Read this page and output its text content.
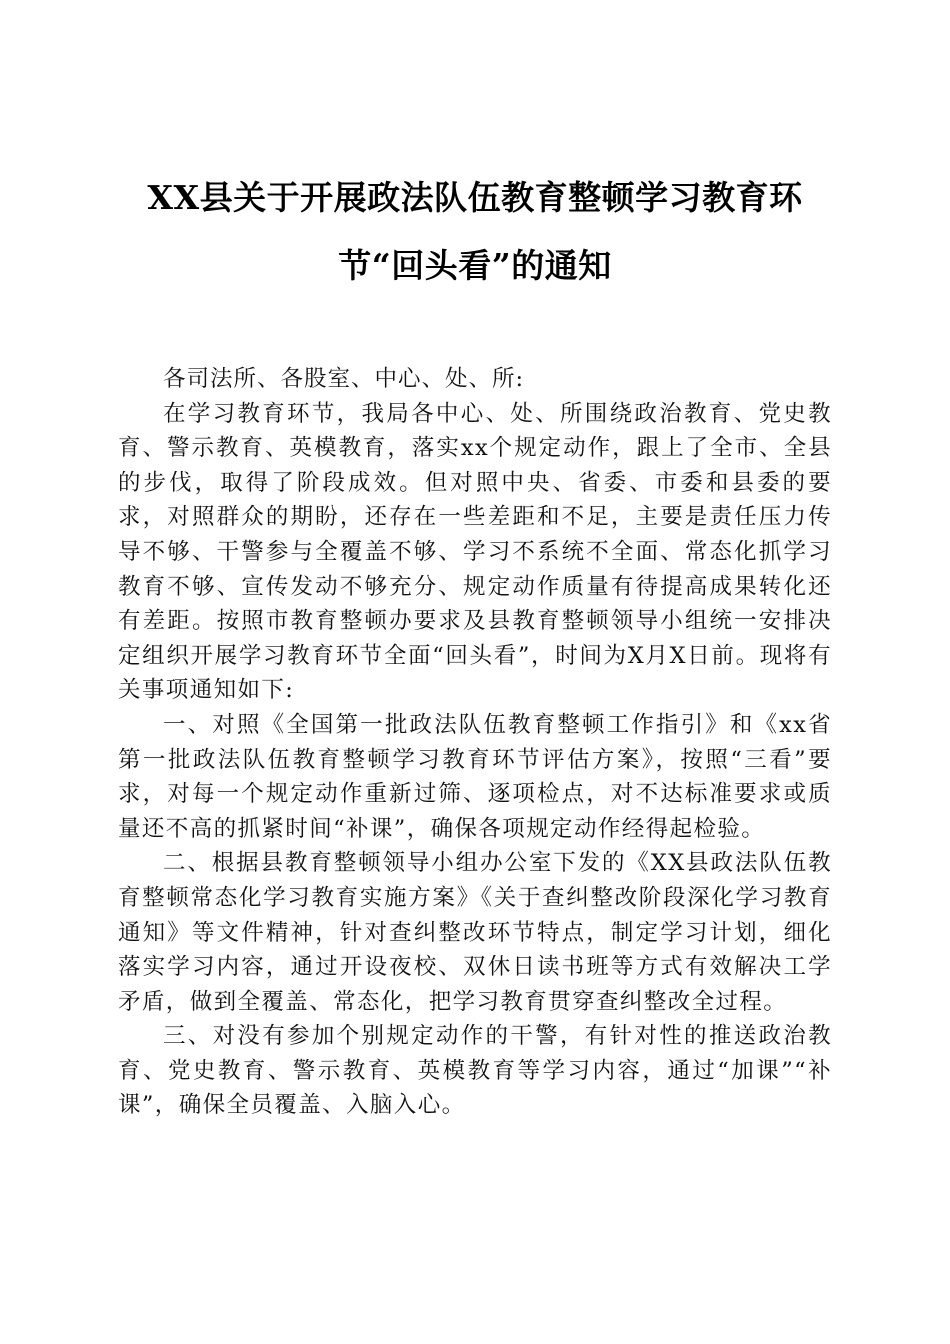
XX县关于开展政法队伍教育整顿学习教育环
节“回头看”的通知

各司法所、各股室、中心、处、所:

在学习教育环节，我局各中心、处、所围绕政治教育、党史教育、警示教育、英模教育，落实xx个规定动作，跟上了全市、全县的步伐，取得了阶段成效。但对照中央、省委、市委和县委的要求，对照群众的期盼，还存在一些差距和不足，主要是责任压力传导不够、干警参与全覆盖不够、学习不系统不全面、常态化抓学习教育不够、宣传发动不够充分、规定动作质量有待提高成果转化还有差距。按照市教育整顿办要求及县教育整顿领导小组统一安排决定组织开展学习教育环节全面“回头看”，时间为X月X日前。现将有关事项通知如下:

一、对照《全国第一批政法队伍教育整顿工作指引》和《xx省第一批政法队伍教育整顿学习教育环节评估方案》，按照“三看”要求，对每一个规定动作重新过筛、逐项检点，对不达标准要求或质量还不高的抓紧时间“补课”，确保各项规定动作经得起检验。

二、根据县教育整顿领导小组办公室下发的《XX县政法队伍教育整顿常态化学习教育实施方案》《关于查纠整改阶段深化学习教育通知》等文件精神，针对查纠整改环节特点，制定学习计划，细化落实学习内容，通过开设夜校、双休日读书班等方式有效解决工学矛盾，做到全覆盖、常态化，把学习教育贯穿查纠整改全过程。

三、对没有参加个别规定动作的干警，有针对性的推送政治教育、党史教育、警示教育、英模教育等学习内容，通过“加课”“补课”，确保全员覆盖、入脑入心。
